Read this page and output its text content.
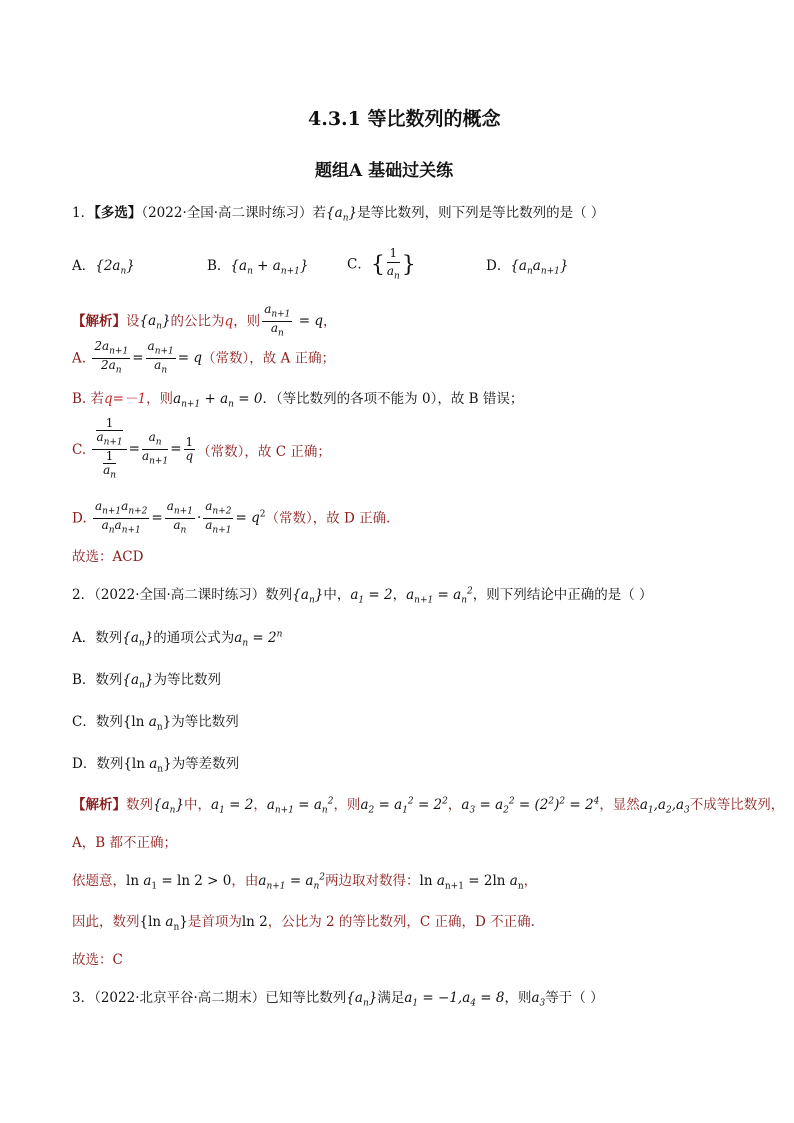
4.3.1 等比数列的概念
题组A 基础过关练
1．【多选】（2022·全国·高二课时练习）若$\{a_n\}$是等比数列，则下列是等比数列的是（ ）
A．$\{2a_n\}$	B．$\{a_n + a_{n+1}\}$	C．{ $\frac{1}{a_n}$ }	D．$\{a_na_{n+1}\}$
【解析】设$\{a_n\}$的公比为q，则 $\frac{a_{n+1}}{a_n} = q$，
A. $\frac{2a_{n+1}}{2a_n} = \frac{a_{n+1}}{a_n} = q$（常数），故 A 正确；
B. 若q=－1，则$a_{n+1} + a_n = 0$．（等比数列的各项不能为 0），故 B 错误；
C. $\frac{\frac{1}{a_{n+1}}}{\frac{1}{a_n}} = \frac{a_n}{a_{n+1}} = \frac{1}{q}$ （常数），故 C 正确；
D. $\frac{a_{n+1}a_{n+2}}{a_na_{n+1}} = \frac{a_{n+1}}{a_n} \cdot \frac{a_{n+2}}{a_{n+1}} = q^2$（常数），故 D 正确.
故选：ACD
2．（2022·全国·高二课时练习）数列$\{a_n\}$中，$a_1 = 2$，$a_{n+1} = a_n^2$，则下列结论中正确的是（ ）
A．数列$\{a_n\}$的通项公式为$a_n = 2^n$
B．数列$\{a_n\}$为等比数列
C．数列{ln $a_n$}为等比数列
D．数列{ln $a_n$}为等差数列
【解析】数列$\{a_n\}$中，$a_1 = 2$，$a_{n+1} = a_n^2$，则$a_2 = a_1^2 = 2^2$，$a_3 = a_2^2 = (2^2)^2 = 2^4$，显然$a_1,a_2,a_3$不成等比数列，
A，B 都不正确；
依题意，$\ln a_1 = \ln 2 > 0$，由$a_{n+1} = a_n^2$两边取对数得：$\ln a_{n+1} = 2\ln$ $a_n$，
因此，数列{ln $a_n$}是首项为ln 2，公比为 2 的等比数列，C 正确，D 不正确.
故选：C
3．（2022·北京平谷·高二期末）已知等比数列$\{a_n\}$满足$a_1 = -1,a_4 = 8$，则$a_3$等于（ ）
